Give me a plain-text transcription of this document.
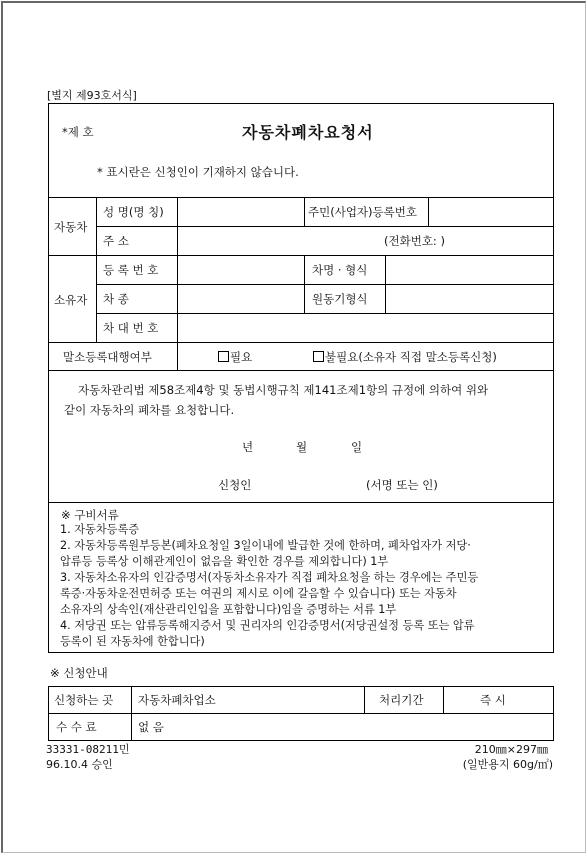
[별지 제93호서식]
*제 호	자동차폐차요청서
* 표시란은 신청인이 기재하지 않습니다.
자동차
성 명(명 칭)	주민(사업자)등록번호
주 소	(전화번호: )
소유자
등 록 번 호	차명 · 형식
차 종	원동기형식
차 대 번 호
말소등록대행여부	필요	불필요(소유자 직접 말소등록신청)
자동차관리법 제58조제4항 및 동법시행규칙 제141조제1항의 규정에 의하여 위와
같이 자동차의 폐차를 요청합니다.
년	월	일
신청인	(서명 또는 인)
※ 구비서류
1. 자동차등록증
2. 자동차등록원부등본(폐차요청일 3일이내에 발급한 것에 한하며, 폐차업자가 저당·
압류등 등록상 이해관계인이 없음을 확인한 경우를 제외합니다) 1부
3. 자동차소유자의 인감증명서(자동차소유자가 직접 폐차요청을 하는 경우에는 주민등
록증·자동차운전면허증 또는 여권의 제시로 이에 갈음할 수 있습니다) 또는 자동차
소유자의 상속인(재산관리인입을 포함합니다)임을 증명하는 서류 1부
4. 저당권 또는 압류등록해지증서 및 권리자의 인감증명서(저당권설정 등록 또는 압류
등록이 된 자동차에 한합니다)
※ 신청안내
신청하는 곳 자동차폐차업소	처리기간	즉 시
수 수 료	없 음
33331-08211민
96.10.4 승인
210㎜×297㎜
(일반용지 60g/㎡)
